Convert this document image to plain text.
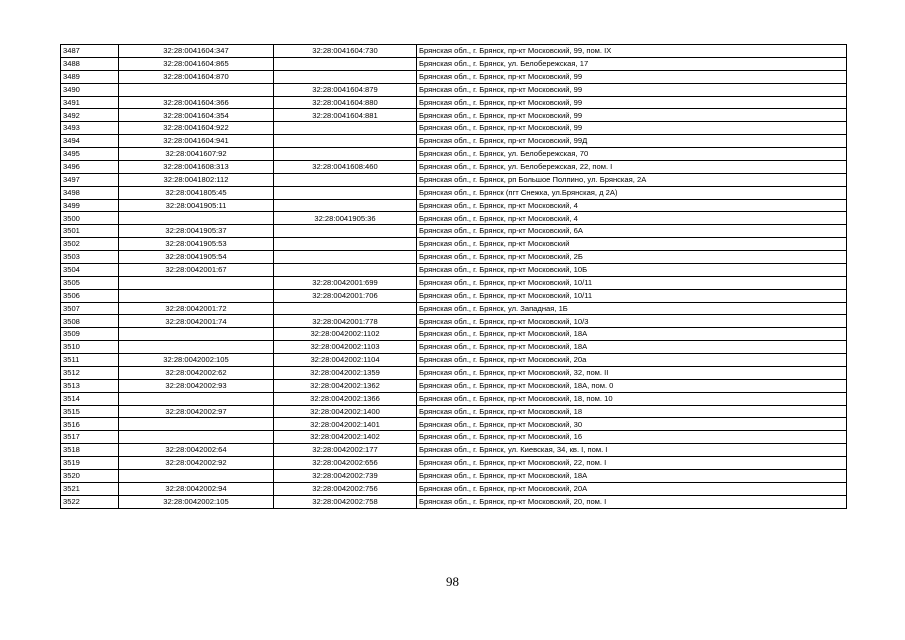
3487	32:28:0041604:347	32:28:0041604:730	Брянская обл., г. Брянск, пр-кт Московский, 99, пом. IX
3488	32:28:0041604:865		Брянская обл., г. Брянск, ул. Белобережская, 17
3489	32:28:0041604:870		Брянская обл., г. Брянск, пр-кт Московский, 99
3490		32:28:0041604:879	Брянская обл., г. Брянск, пр-кт Московский, 99
3491	32:28:0041604:366	32:28:0041604:880	Брянская обл., г. Брянск, пр-кт Московский, 99
3492	32:28:0041604:354	32:28:0041604:881	Брянская обл., г. Брянск, пр-кт Московский, 99
3493	32:28:0041604:922		Брянская обл., г. Брянск, пр-кт Московский, 99
3494	32:28:0041604:941		Брянская обл., г. Брянск, пр-кт Московский, 99Д
3495	32:28:0041607:92		Брянская обл., г. Брянск, ул. Белобережская, 70
3496	32:28:0041608:313	32:28:0041608:460	Брянская обл., г. Брянск, ул. Белобережская, 22, пом. I
3497	32:28:0041802:112		Брянская обл., г. Брянск, рп Большое Полпино, ул. Брянская, 2А
3498	32:28:0041805:45		Брянская обл., г. Брянск (пгт Снежка, ул.Брянская, д 2А)
3499	32:28:0041905:11		Брянская обл., г. Брянск, пр-кт Московский, 4
3500		32:28:0041905:36	Брянская обл., г. Брянск, пр-кт Московский, 4
3501	32:28:0041905:37		Брянская обл., г. Брянск, пр-кт Московский, 6А
3502	32:28:0041905:53		Брянская обл., г. Брянск, пр-кт Московский
3503	32:28:0041905:54		Брянская обл., г. Брянск, пр-кт Московский, 2Б
3504	32:28:0042001:67		Брянская обл., г. Брянск, пр-кт Московский, 10Б
3505		32:28:0042001:699	Брянская обл., г. Брянск, пр-кт Московский, 10/11
3506		32:28:0042001:706	Брянская обл., г. Брянск, пр-кт Московский, 10/11
3507	32:28:0042001:72		Брянская обл., г. Брянск, ул. Западная, 1Б
3508	32:28:0042001:74	32:28:0042001:778	Брянская обл., г. Брянск, пр-кт Московский, 10/3
3509		32:28:0042002:1102	Брянская обл., г. Брянск, пр-кт Московский, 18А
3510		32:28:0042002:1103	Брянская обл., г. Брянск, пр-кт Московский, 18А
3511	32:28:0042002:105	32:28:0042002:1104	Брянская обл., г. Брянск, пр-кт Московский, 20а
3512	32:28:0042002:62	32:28:0042002:1359	Брянская обл., г. Брянск, пр-кт Московский, 32, пом. II
3513	32:28:0042002:93	32:28:0042002:1362	Брянская обл., г. Брянск, пр-кт Московский, 18А, пом. 0
3514		32:28:0042002:1366	Брянская обл., г. Брянск, пр-кт Московский, 18, пом. 10
3515	32:28:0042002:97	32:28:0042002:1400	Брянская обл., г. Брянск, пр-кт Московский, 18
3516		32:28:0042002:1401	Брянская обл., г. Брянск, пр-кт Московский, 30
3517		32:28:0042002:1402	Брянская обл., г. Брянск, пр-кт Московский, 16
3518	32:28:0042002:64	32:28:0042002:177	Брянская обл., г. Брянск, ул. Киевская, 34, кв. I, пом. I
3519	32:28:0042002:92	32:28:0042002:656	Брянская обл., г. Брянск, пр-кт Московский, 22, пом. I
3520		32:28:0042002:739	Брянская обл., г. Брянск, пр-кт Московский, 18А
3521	32:28:0042002:94	32:28:0042002:756	Брянская обл., г. Брянск, пр-кт Московский, 20А
3522	32:28:0042002:105	32:28:0042002:758	Брянская обл., г. Брянск, пр-кт Московский, 20, пом. I
98
